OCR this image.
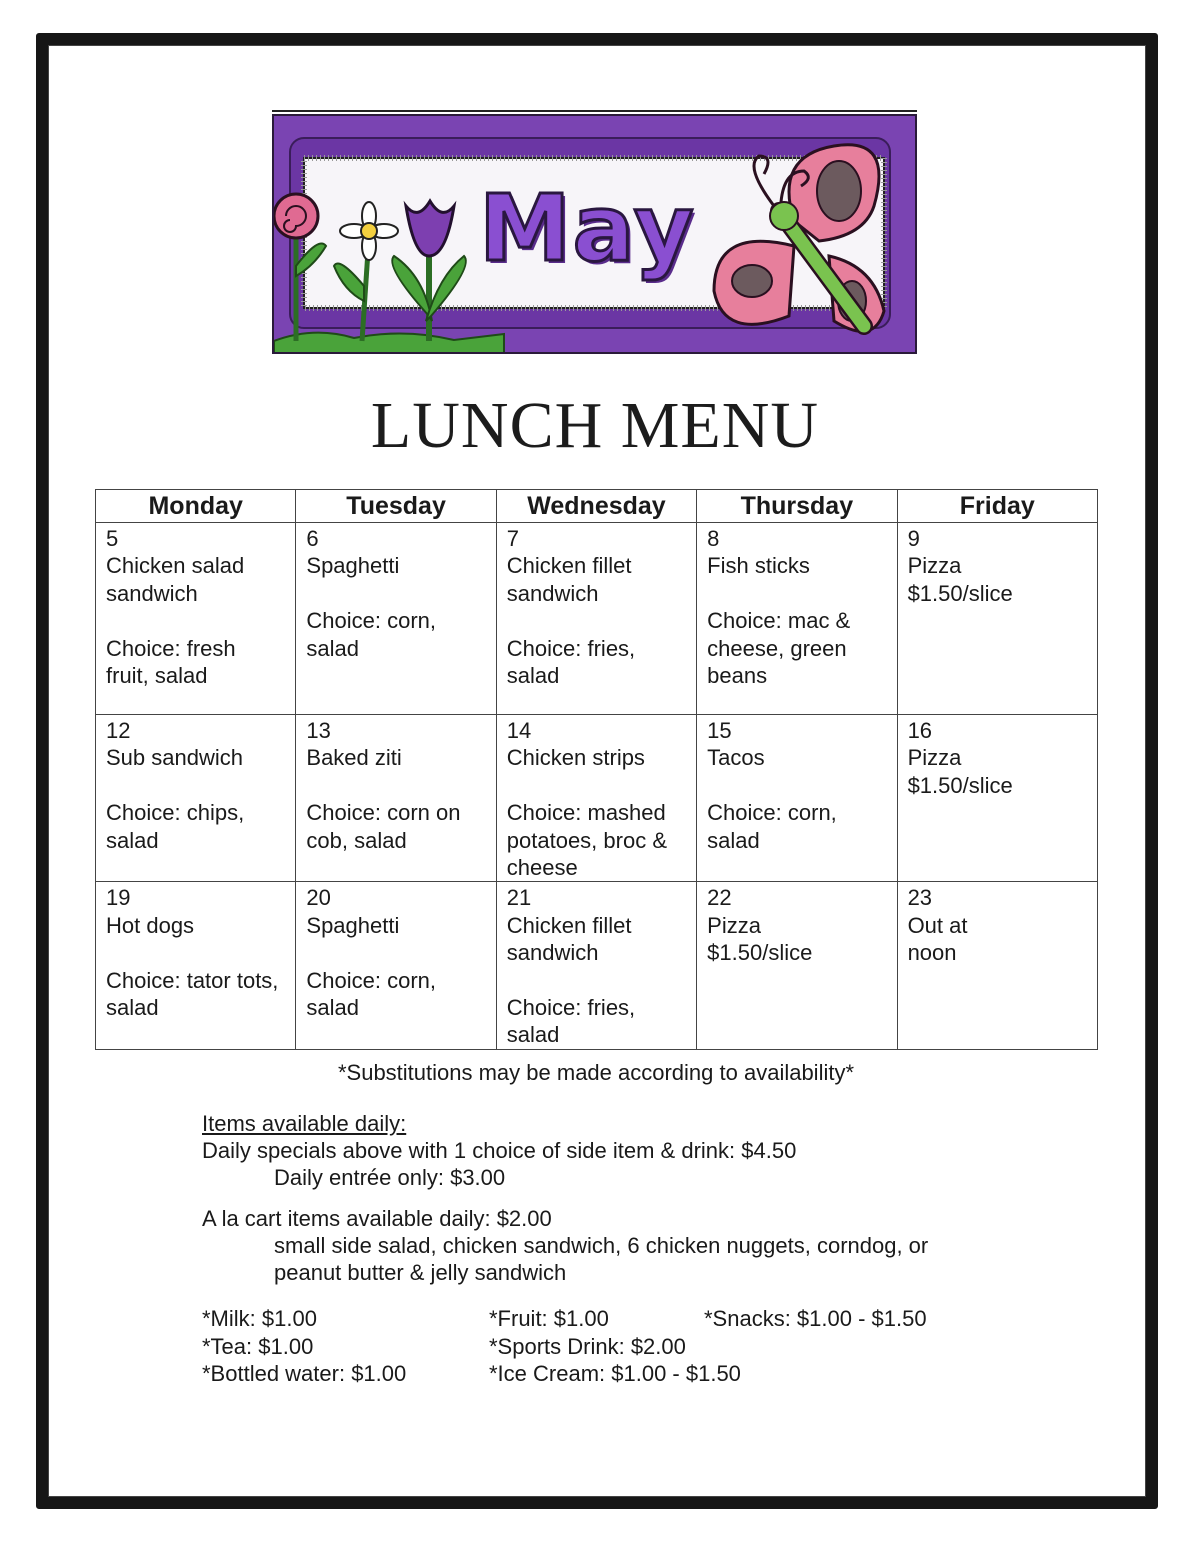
May
LUNCH MENU
Monday	Tuesday	Wednesday	Thursday	Friday

5
Chicken salad
sandwich
Choice: fresh
fruit, salad	6
Spaghetti
Choice: corn,
salad	7
Chicken fillet
sandwich
Choice: fries,
salad	8
Fish sticks
Choice: mac &
cheese, green
beans	9
Pizza
$1.50/slice

12
Sub sandwich
Choice: chips,
salad	13
Baked ziti
Choice: corn on
cob, salad	14
Chicken strips
Choice: mashed
potatoes, broc &
cheese	15
Tacos
Choice: corn,
salad	16
Pizza
$1.50/slice

19
Hot dogs
Choice: tator tots,
salad	20
Spaghetti
Choice: corn,
salad	21
Chicken fillet
sandwich
Choice: fries,
salad	22
Pizza
$1.50/slice	23
Out at
noon
*Substitutions may be made according to availability*
Items available daily:
Daily specials above with 1 choice of side item & drink: $4.50
Daily entrée only: $3.00
A la cart items available daily: $2.00
small side salad, chicken sandwich, 6 chicken nuggets, corndog, or
peanut butter & jelly sandwich
*Milk: $1.00
*Tea: $1.00
*Bottled water: $1.00
*Fruit: $1.00
*Sports Drink: $2.00
*Ice Cream: $1.00 - $1.50
*Snacks: $1.00 - $1.50
